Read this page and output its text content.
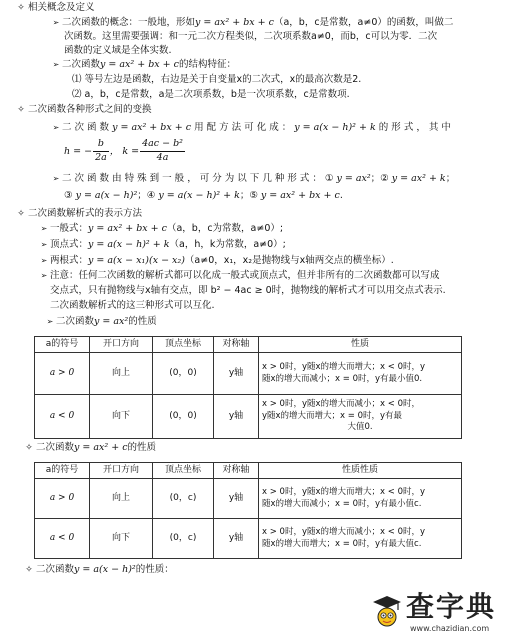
✧ 相关概念及定义
➢ 二次函数的概念：一般地，形如y = ax² + bx + c（a，b，c是常数，a≠0）的函数，叫做二
次函数。这里需要强调：和一元二次方程类似，二次项系数a≠0，而b，c可以为零．二次
函数的定义域是全体实数.
➢ 二次函数y = ax² + bx + c的结构特征：
⑴ 等号左边是函数，右边是关于自变量x的二次式，x的最高次数是2.
⑵ a，b，c是常数，a是二次项系数，b是一次项系数，c是常数项.
✧ 二次函数各种形式之间的变换
➢ 二 次 函 数 y = ax² + bx + c 用 配 方 法 可 化 成 ： y = a(x − h)² + k 的 形 式 ， 其 中
h = − $\frac{b}{2a}$ ， $k = \frac{\text{4ac − b²}}{4a}$
➢ 二 次 函 数 由 特 殊 到 一 般 ， 可 分 为 以 下 几 种 形 式 ： ① y = ax²；② y = ax² + k；
③ y = a(x − h)²；④ y = a(x − h)² + k；⑤ y = ax² + bx + c.
✧ 二次函数解析式的表示方法
➢ 一般式：y = ax² + bx + c（a，b，c为常数，a≠0）;
➢ 顶点式：y = a(x − h)² + k（a，h，k为常数，a≠0）;
➢ 两根式：y = a(x − x₁)(x − x₂)（a≠0，x₁，x₂是抛物线与x轴两交点的横坐标）.
➢ 注意：任何二次函数的解析式都可以化成一般式或顶点式，但并非所有的二次函数都可以写成
交点式，只有抛物线与x轴有交点，即 b² − 4ac ≥ 0时，抛物线的解析式才可以用交点式表示.
二次函数解析式的这三种形式可以互化.
➢ 二次函数y = ax²的性质
a的符号	开口方向	顶点坐标	对称轴	性质
a > 0	向上	(0，0)	y轴	x > 0时，y随x的增大而增大；x < 0时，y
随x的增大而减小；x = 0时，y有最小值0.

a < 0	向下	(0，0)	y轴	x > 0时，y随x的增大而减小；x < 0时，
y随x的增大而增大；x = 0时，y有最
大值0.
✧ 二次函数y = ax² + c的性质
a的符号	开口方向	顶点坐标	对称轴	性质性质
a > 0	向上	(0，c)	y轴	x > 0时，y随x的增大而增大；x < 0时，y
随x的增大而减小；x = 0时，y有最小值c.

a < 0	向下	(0，c)	y轴	x > 0时，y随x的增大而减小；x < 0时，y
随x的增大而增大；x = 0时，y有最大值c.
✧ 二次函数y = a(x − h)²的性质：
查字典
www.chazidian.com
